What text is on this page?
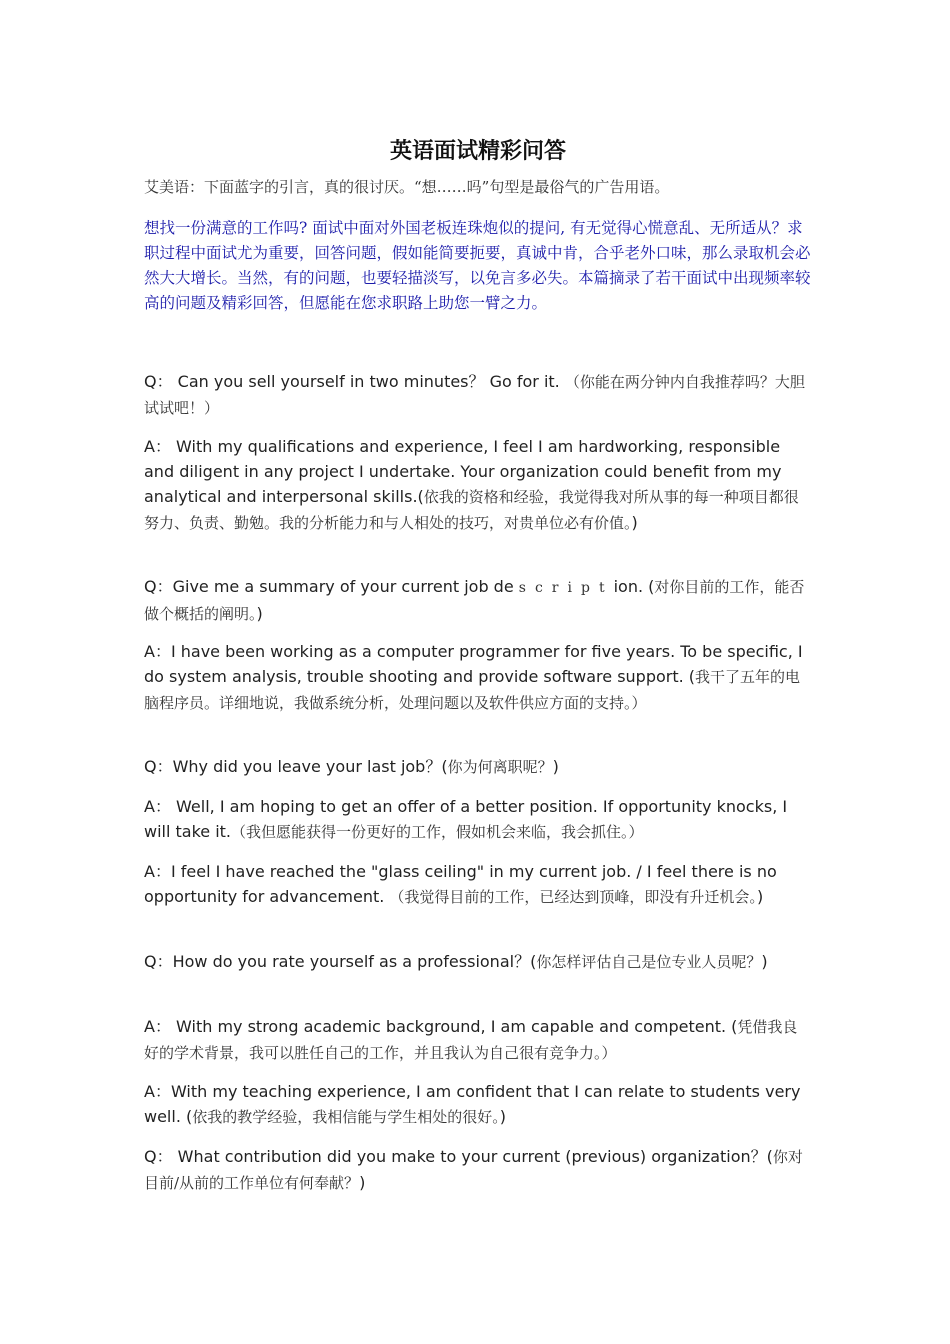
英语面试精彩问答
艾美语：下面蓝字的引言，真的很讨厌。“想……吗”句型是最俗气的广告用语。
想找一份满意的工作吗? 面试中面对外国老板连珠炮似的提问, 有无觉得心慌意乱、无所适从？求职过程中面试尤为重要，回答问题，假如能简要扼要，真诚中肯，合乎老外口味，那么录取机会必然大大增长。当然，有的问题，也要轻描淡写，以免言多必失。本篇摘录了若干面试中出现频率较高的问题及精彩回答，但愿能在您求职路上助您一臂之力。
Q： Can you sell yourself in two minutes？ Go for it. （你能在两分钟内自我推荐吗？大胆试试吧！）
A： With my qualifications and experience, I feel I am hardworking, responsible and diligent in any project I undertake. Your organization could benefit from my analytical and interpersonal skills.(依我的资格和经验，我觉得我对所从事的每一种项目都很努力、负责、勤勉。我的分析能力和与人相处的技巧，对贵单位必有价值。)
Q：Give me a summary of your current job de scription. (对你目前的工作，能否做个概括的阐明。)
A：I have been working as a computer programmer for five years. To be specific, I do system analysis, trouble shooting and provide software support. (我干了五年的电脑程序员。详细地说，我做系统分析，处理问题以及软件供应方面的支持。）
Q：Why did you leave your last job？(你为何离职呢？)
A： Well, I am hoping to get an offer of a better position. If opportunity knocks, I will take it.（我但愿能获得一份更好的工作，假如机会来临，我会抓住。）
A：I feel I have reached the "glass ceiling" in my current job. / I feel there is no opportunity for advancement. （我觉得目前的工作，已经达到顶峰，即没有升迁机会。)
Q：How do you rate yourself as a professional？(你怎样评估自己是位专业人员呢？)
A： With my strong academic background, I am capable and competent. (凭借我良好的学术背景，我可以胜任自己的工作，并且我认为自己很有竞争力。）
A：With my teaching experience, I am confident that I can relate to students very well. (依我的教学经验，我相信能与学生相处的很好。)
Q： What contribution did you make to your current (previous) organization？(你对目前/从前的工作单位有何奉献？)
